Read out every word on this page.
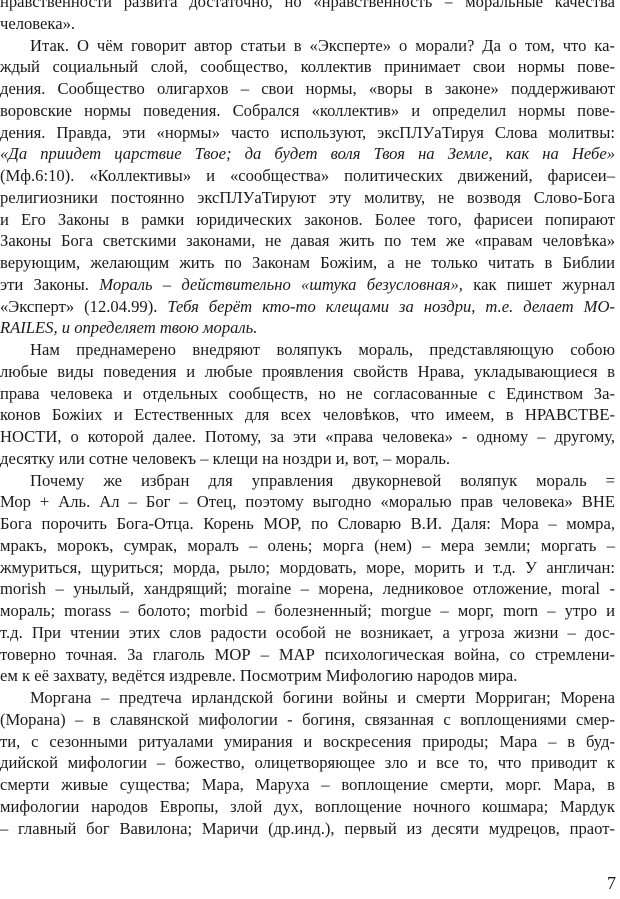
нравственности развита достаточно, но «нравственность = моральные качества
человека».
Итак. О чём говорит автор статьи в «Эксперте» о морали? Да о том, что ка-
ждый социальный слой, сообщество, коллектив принимает свои нормы пове-
дения. Сообщество олигархов – свои нормы, «воры в законе» поддерживают
воровские нормы поведения. Собрался «коллектив» и определил нормы пове-
дения. Правда, эти «нормы» часто используют, эксПЛУаТируя Слова молитвы:
«Да приидет царствие Твое; да будет воля Твоя на Земле, как на Небе»
(Мф.6:10). «Коллективы» и «сообщества» политических движений, фарисеи–
религиозники постоянно эксПЛУаТируют эту молитву, не возводя Слово-Бога
и Его Законы в рамки юридических законов. Более того, фарисеи попирают
Законы Бога светскими законами, не давая жить по тем же «правам человѣка»
верующим, желающим жить по Законам Божiим, а не только читать в Библии
эти Законы. Мораль – действительно «штука безусловная», как пишет журнал
«Эксперт» (12.04.99). Тебя берёт кто-то клещами за ноздри, т.е. делает МО-
RAILES, и определяет твою мораль.
Нам преднамерено внедряют воляпукъ мораль, представляющую собою
любые виды поведения и любые проявления свойств Нрава, укладывающиеся в
права человека и отдельных сообществ, но не согласованные с Единством За-
конов Божiих и Естественных для всех человѣков, что имеем, в НРАВСТВЕ-
НОСТИ, о которой далее. Потому, за эти «права человека» - одному – другому,
десятку или сотне человекъ – клещи на ноздри и, вот, – мораль.
Почему же избран для управления двукорневой воляпук мораль =
Мор + Аль. Ал – Бог – Отец, поэтому выгодно «моралью прав человека» ВНЕ
Бога порочить Бога-Отца. Корень МОР, по Словарю В.И. Даля: Мора – момра,
мракъ, морокъ, сумрак, моралъ – олень; морга (нем) – мера земли; моргать –
жмуриться, щуриться; морда, рыло; мордовать, море, морить и т.д. У англичан:
morish – унылый, хандрящий; moraine – морена, ледниковое отложение, moral -
мораль; morass – болото; morbid – болезненный; morgue – морг, morn – утро и
т.д. При чтении этих слов радости особой не возникает, а угроза жизни – дос-
товерно точная. За глаголь МОР – МАР психологическая война, со стремлени-
ем к её захвату, ведётся издревле. Посмотрим Мифологию народов мира.
Моргана – предтеча ирландской богини войны и смерти Морриган; Морена
(Морана) – в славянской мифологии - богиня, связанная с воплощениями смер-
ти, с сезонными ритуалами умирания и воскресения природы; Мара – в буд-
дийской мифологии – божество, олицетворяющее зло и все то, что приводит к
смерти живые существа; Мара, Маруха – воплощение смерти, морг. Мара, в
мифологии народов Европы, злой дух, воплощение ночного кошмара; Мардук
– главный бог Вавилона; Маричи (др.инд.), первый из десяти мудрецов, праот-
7
